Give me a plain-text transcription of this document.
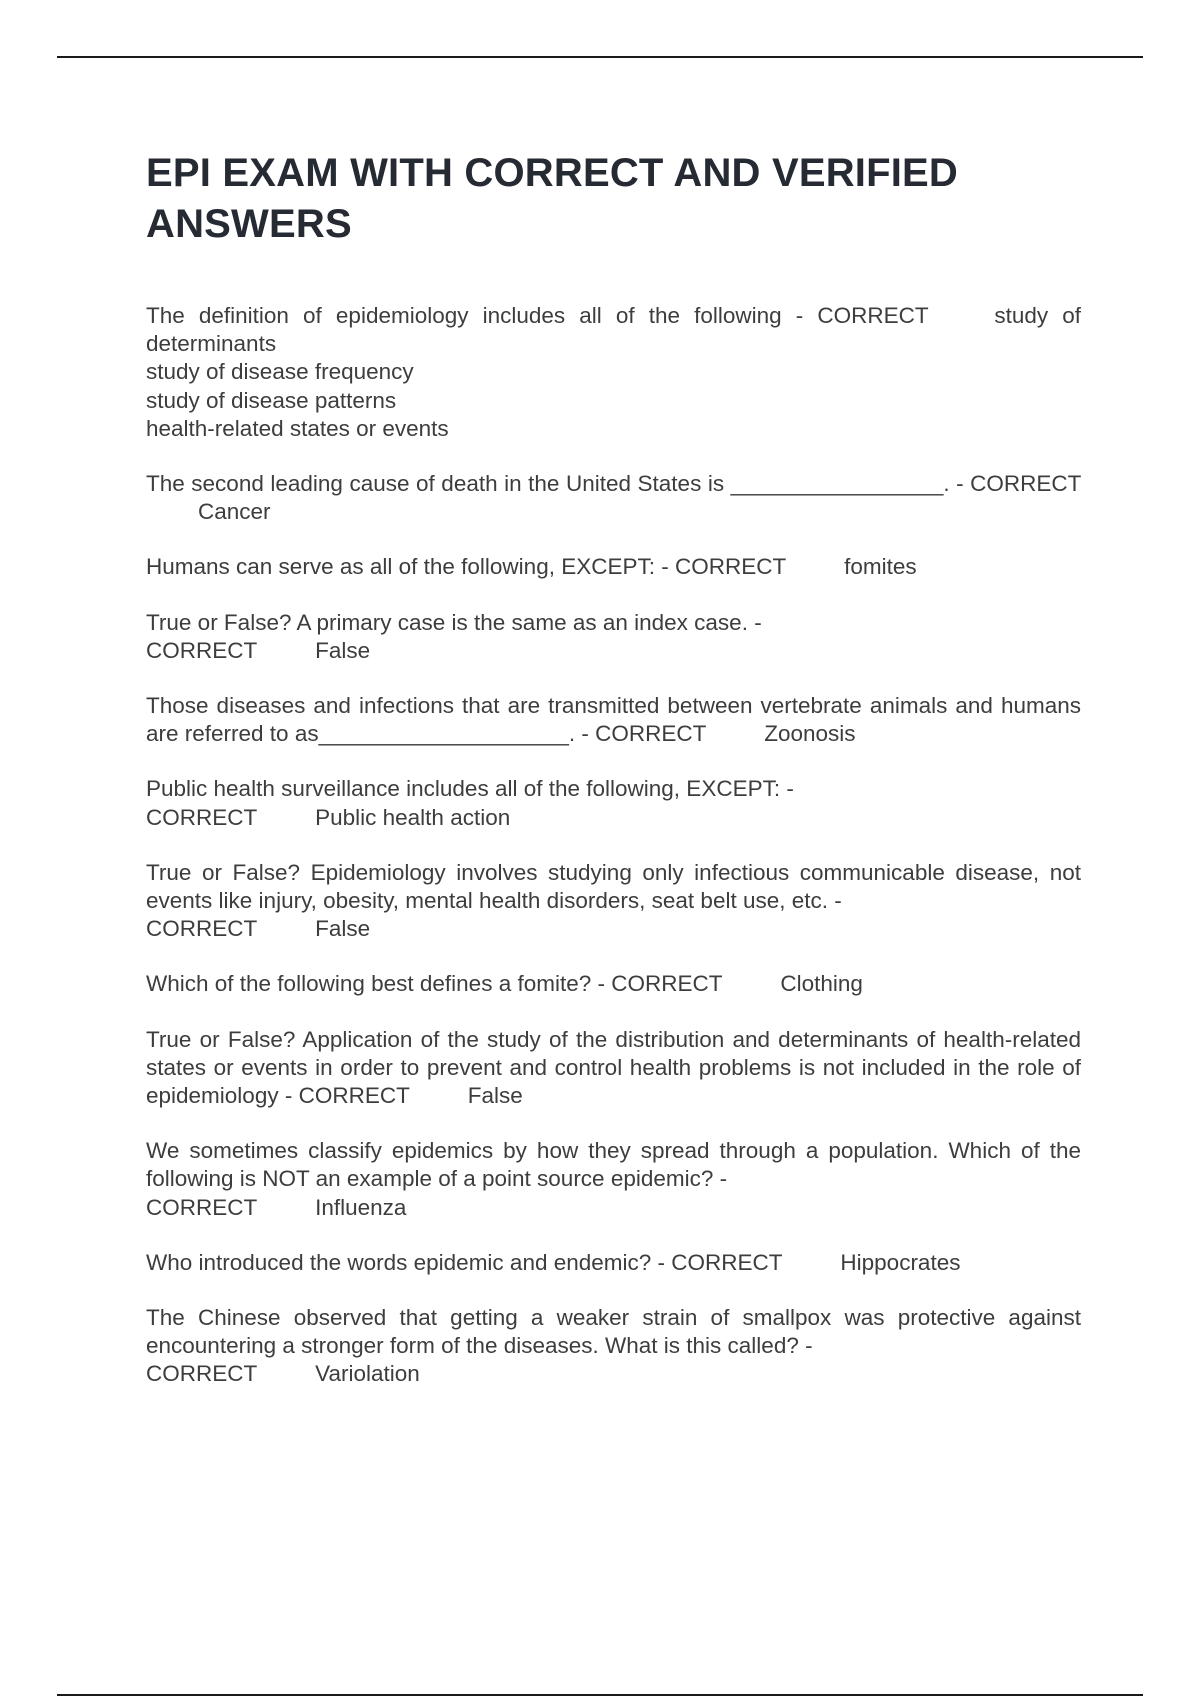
EPI EXAM WITH CORRECT AND VERIFIED ANSWERS

The definition of epidemiology includes all of the following - CORRECT	study of determinants
study of disease frequency
study of disease patterns
health-related states or events

The second leading cause of death in the United States is _________________. - CORRECT Cancer

Humans can serve as all of the following, EXCEPT: - CORRECT	fomites

True or False? A primary case is the same as an index case. -
CORRECT	False

Those diseases and infections that are transmitted between vertebrate animals and humans are referred to as____________________. - CORRECT	Zoonosis

Public health surveillance includes all of the following, EXCEPT: -
CORRECT	Public health action

True or False? Epidemiology involves studying only infectious communicable disease, not events like injury, obesity, mental health disorders, seat belt use, etc. -
CORRECT	False

Which of the following best defines a fomite? - CORRECT	Clothing

True or False? Application of the study of the distribution and determinants of health-related states or events in order to prevent and control health problems is not included in the role of epidemiology - CORRECT	False

We sometimes classify epidemics by how they spread through a population. Which of the following is NOT an example of a point source epidemic? -
CORRECT	Influenza

Who introduced the words epidemic and endemic? - CORRECT	Hippocrates

The Chinese observed that getting a weaker strain of smallpox was protective against encountering a stronger form of the diseases. What is this called? -
CORRECT	Variolation
